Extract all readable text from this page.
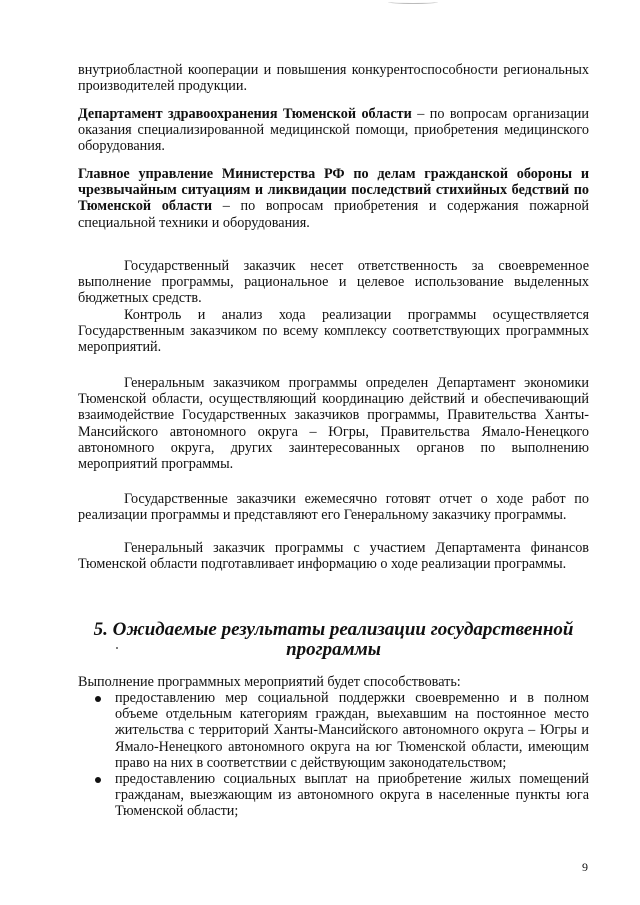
внутриобластной кооперации и повышения конкурентоспособности региональных производителей продукции.

Департамент здравоохранения Тюменской области – по вопросам организации оказания специализированной медицинской помощи, приобретения медицинского оборудования.

Главное управление Министерства РФ по делам гражданской обороны и чрезвычайным ситуациям и ликвидации последствий стихийных бедствий по Тюменской области – по вопросам приобретения и содержания пожарной специальной техники и оборудования.

Государственный заказчик несет ответственность за своевременное выполнение программы, рациональное и целевое использование выделенных бюджетных средств.

Контроль и анализ хода реализации программы осуществляется Государственным заказчиком по всему комплексу соответствующих программных мероприятий.

Генеральным заказчиком программы определен Департамент экономики Тюменской области, осуществляющий координацию действий и обеспечивающий взаимодействие Государственных заказчиков программы, Правительства Ханты-Мансийского автономного округа – Югры, Правительства Ямало-Ненецкого автономного округа, других заинтересованных органов по выполнению мероприятий программы.

Государственные заказчики ежемесячно готовят отчет о ходе работ по реализации программы и представляют его Генеральному заказчику программы.

Генеральный заказчик программы с участием Департамента финансов Тюменской области подготавливает информацию о ходе реализации программы.

5. Ожидаемые результаты реализации государственной программы

Выполнение программных мероприятий будет способствовать:

предоставлению мер социальной поддержки своевременно и в полном объеме отдельным категориям граждан, выехавшим на постоянное место жительства с территорий Ханты-Мансийского автономного округа – Югры и Ямало-Ненецкого автономного округа на юг Тюменской области, имеющим право на них в соответствии с действующим законодательством;
предоставлению социальных выплат на приобретение жилых помещений гражданам, выезжающим из автономного округа в населенные пункты юга Тюменской области;
9
